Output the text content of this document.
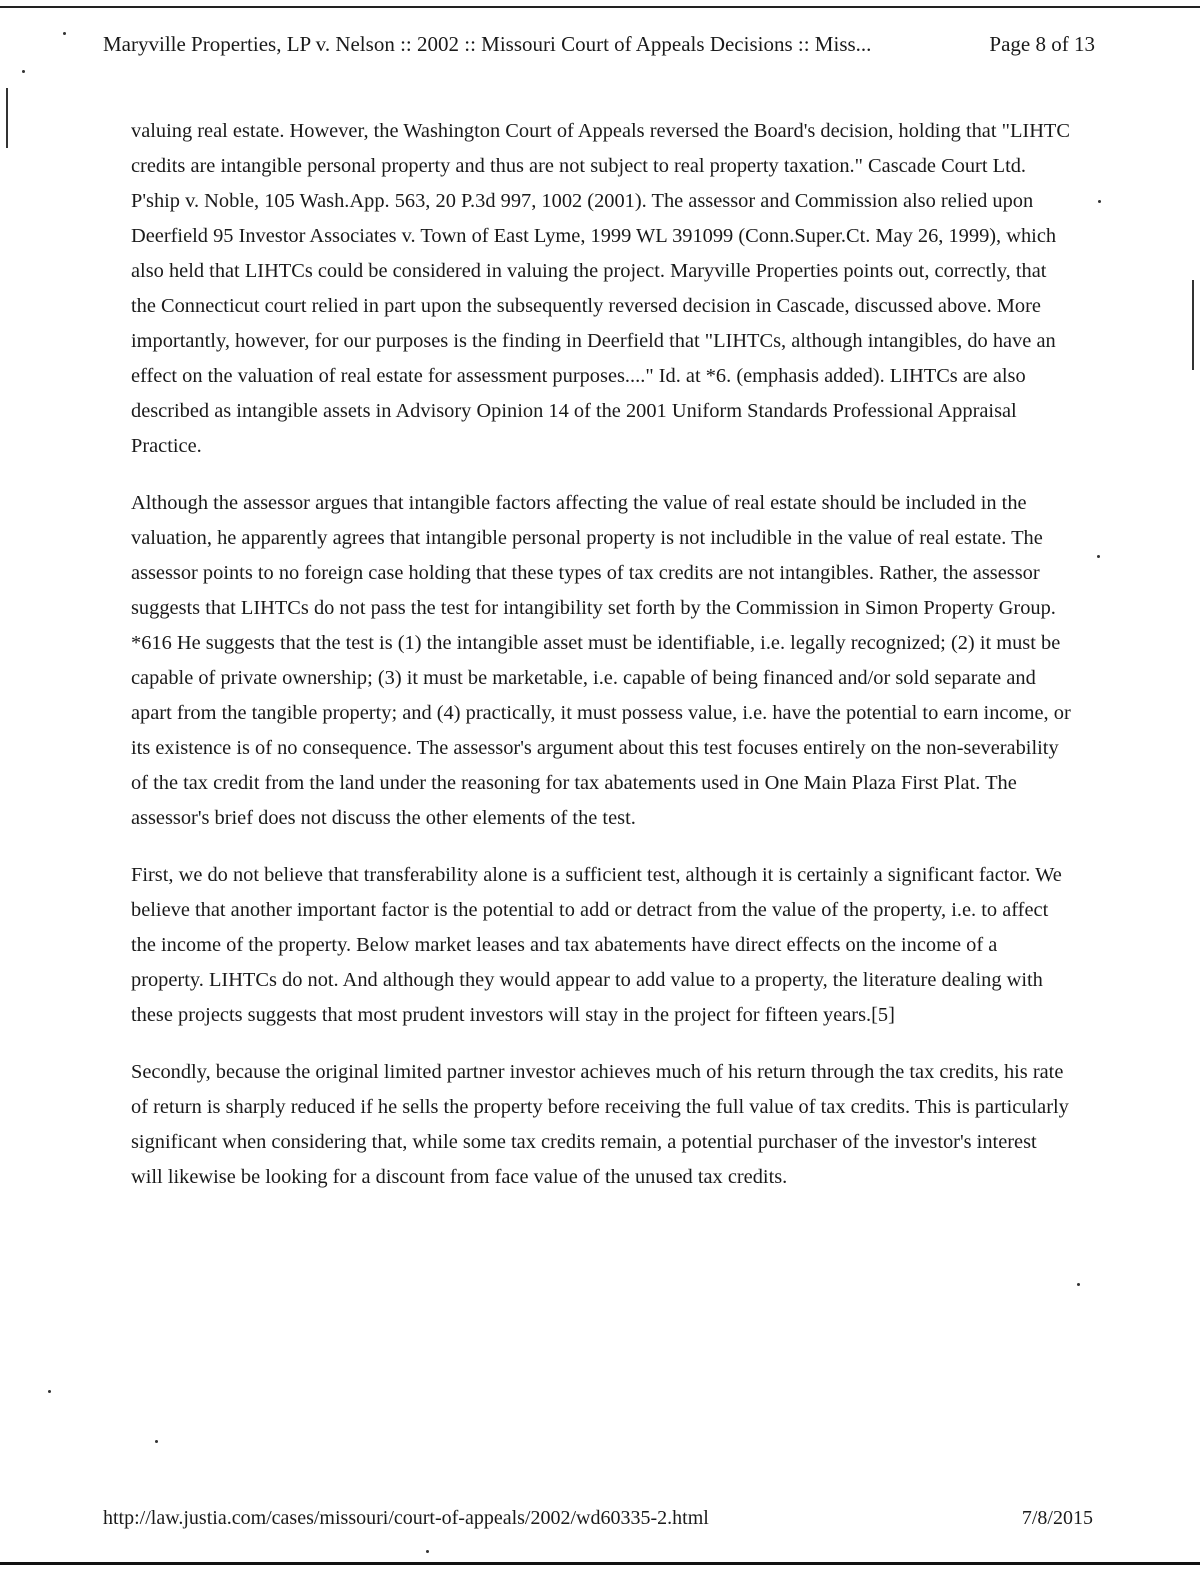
Maryville Properties, LP v. Nelson :: 2002 :: Missouri Court of Appeals Decisions :: Miss...	Page 8 of 13

valuing real estate. However, the Washington Court of Appeals reversed the Board's decision, holding that "LIHTC credits are intangible personal property and thus are not subject to real property taxation." Cascade Court Ltd. P'ship v. Noble, 105 Wash.App. 563, 20 P.3d 997, 1002 (2001). The assessor and Commission also relied upon Deerfield 95 Investor Associates v. Town of East Lyme, 1999 WL 391099 (Conn.Super.Ct. May 26, 1999), which also held that LIHTCs could be considered in valuing the project. Maryville Properties points out, correctly, that the Connecticut court relied in part upon the subsequently reversed decision in Cascade, discussed above. More importantly, however, for our purposes is the finding in Deerfield that "LIHTCs, although intangibles, do have an effect on the valuation of real estate for assessment purposes...." Id. at *6. (emphasis added). LIHTCs are also described as intangible assets in Advisory Opinion 14 of the 2001 Uniform Standards Professional Appraisal Practice.

Although the assessor argues that intangible factors affecting the value of real estate should be included in the valuation, he apparently agrees that intangible personal property is not includible in the value of real estate. The assessor points to no foreign case holding that these types of tax credits are not intangibles. Rather, the assessor suggests that LIHTCs do not pass the test for intangibility set forth by the Commission in Simon Property Group. *616 He suggests that the test is (1) the intangible asset must be identifiable, i.e. legally recognized; (2) it must be capable of private ownership; (3) it must be marketable, i.e. capable of being financed and/or sold separate and apart from the tangible property; and (4) practically, it must possess value, i.e. have the potential to earn income, or its existence is of no consequence. The assessor's argument about this test focuses entirely on the non-severability of the tax credit from the land under the reasoning for tax abatements used in One Main Plaza First Plat. The assessor's brief does not discuss the other elements of the test.

First, we do not believe that transferability alone is a sufficient test, although it is certainly a significant factor. We believe that another important factor is the potential to add or detract from the value of the property, i.e. to affect the income of the property. Below market leases and tax abatements have direct effects on the income of a property. LIHTCs do not. And although they would appear to add value to a property, the literature dealing with these projects suggests that most prudent investors will stay in the project for fifteen years.[5]

Secondly, because the original limited partner investor achieves much of his return through the tax credits, his rate of return is sharply reduced if he sells the property before receiving the full value of tax credits. This is particularly significant when considering that, while some tax credits remain, a potential purchaser of the investor's interest will likewise be looking for a discount from face value of the unused tax credits.

http://law.justia.com/cases/missouri/court-of-appeals/2002/wd60335-2.html	7/8/2015
